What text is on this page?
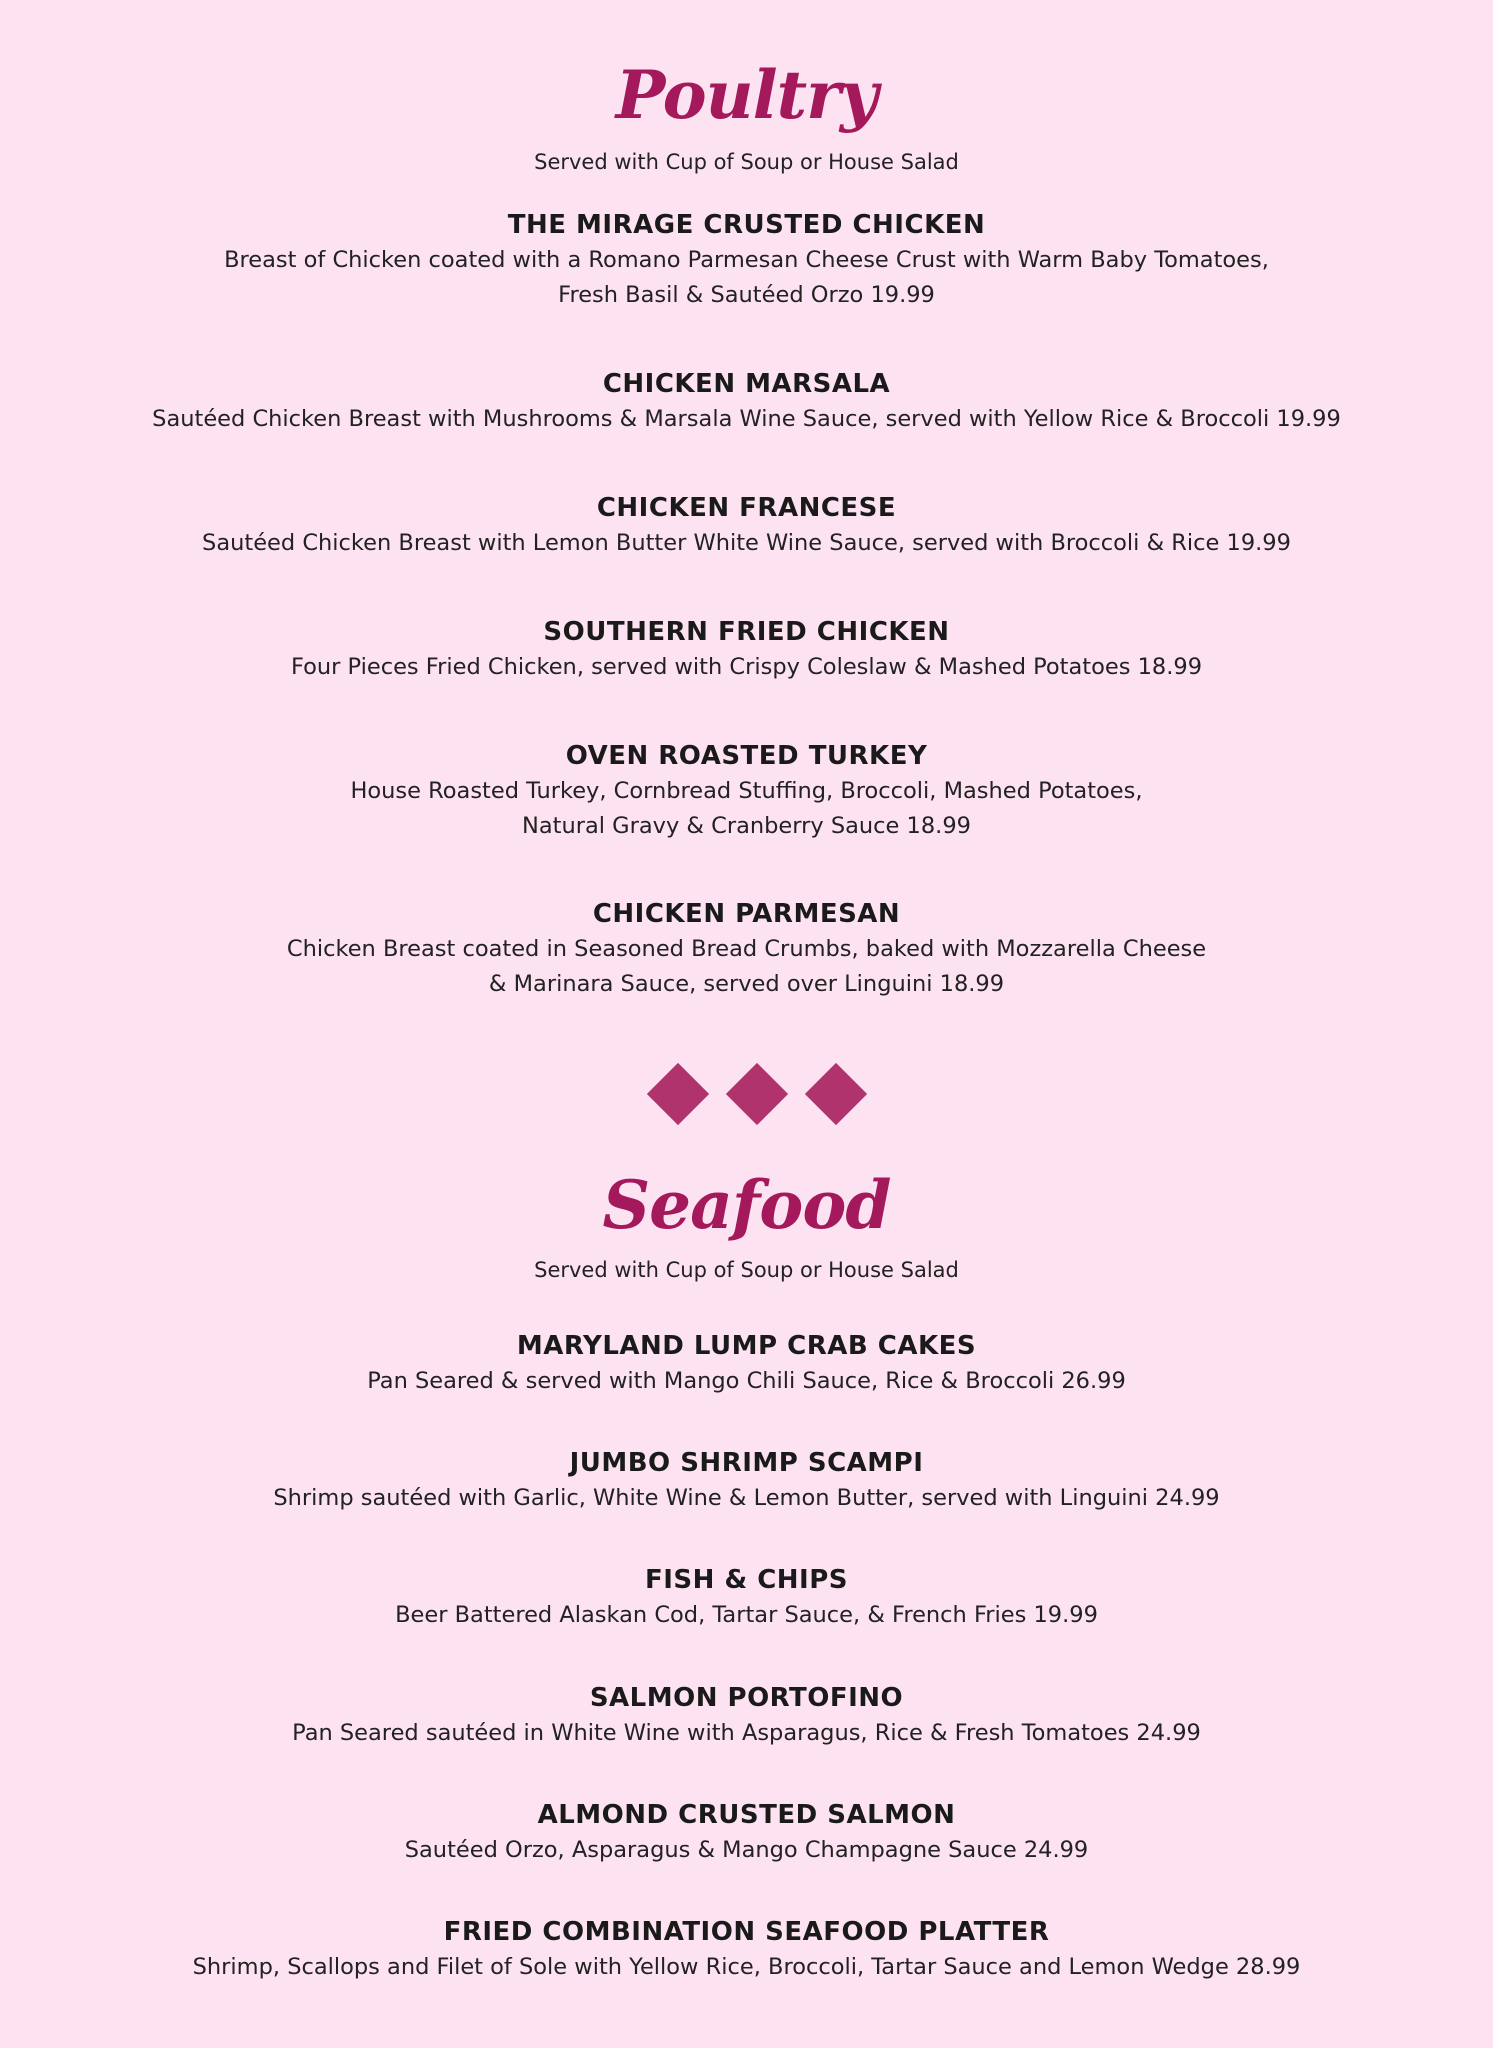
Poultry
Served with Cup of Soup or House Salad
THE MIRAGE CRUSTED CHICKEN
Breast of Chicken coated with a Romano Parmesan Cheese Crust with Warm Baby Tomatoes,
Fresh Basil & Sautéed Orzo 19.99
CHICKEN MARSALA
Sautéed Chicken Breast with Mushrooms & Marsala Wine Sauce, served with Yellow Rice & Broccoli 19.99
CHICKEN FRANCESE
Sautéed Chicken Breast with Lemon Butter White Wine Sauce, served with Broccoli & Rice 19.99
SOUTHERN FRIED CHICKEN
Four Pieces Fried Chicken, served with Crispy Coleslaw & Mashed Potatoes 18.99
OVEN ROASTED TURKEY
House Roasted Turkey, Cornbread Stuffing, Broccoli, Mashed Potatoes,
Natural Gravy & Cranberry Sauce 18.99
CHICKEN PARMESAN
Chicken Breast coated in Seasoned Bread Crumbs, baked with Mozzarella Cheese
& Marinara Sauce, served over Linguini 18.99
Seafood
Served with Cup of Soup or House Salad
MARYLAND LUMP CRAB CAKES
Pan Seared & served with Mango Chili Sauce, Rice & Broccoli 26.99
JUMBO SHRIMP SCAMPI
Shrimp sautéed with Garlic, White Wine & Lemon Butter, served with Linguini 24.99
FISH & CHIPS
Beer Battered Alaskan Cod, Tartar Sauce, & French Fries 19.99
SALMON PORTOFINO
Pan Seared sautéed in White Wine with Asparagus, Rice & Fresh Tomatoes 24.99
ALMOND CRUSTED SALMON
Sautéed Orzo, Asparagus & Mango Champagne Sauce 24.99
FRIED COMBINATION SEAFOOD PLATTER
Shrimp, Scallops and Filet of Sole with Yellow Rice, Broccoli, Tartar Sauce and Lemon Wedge 28.99
